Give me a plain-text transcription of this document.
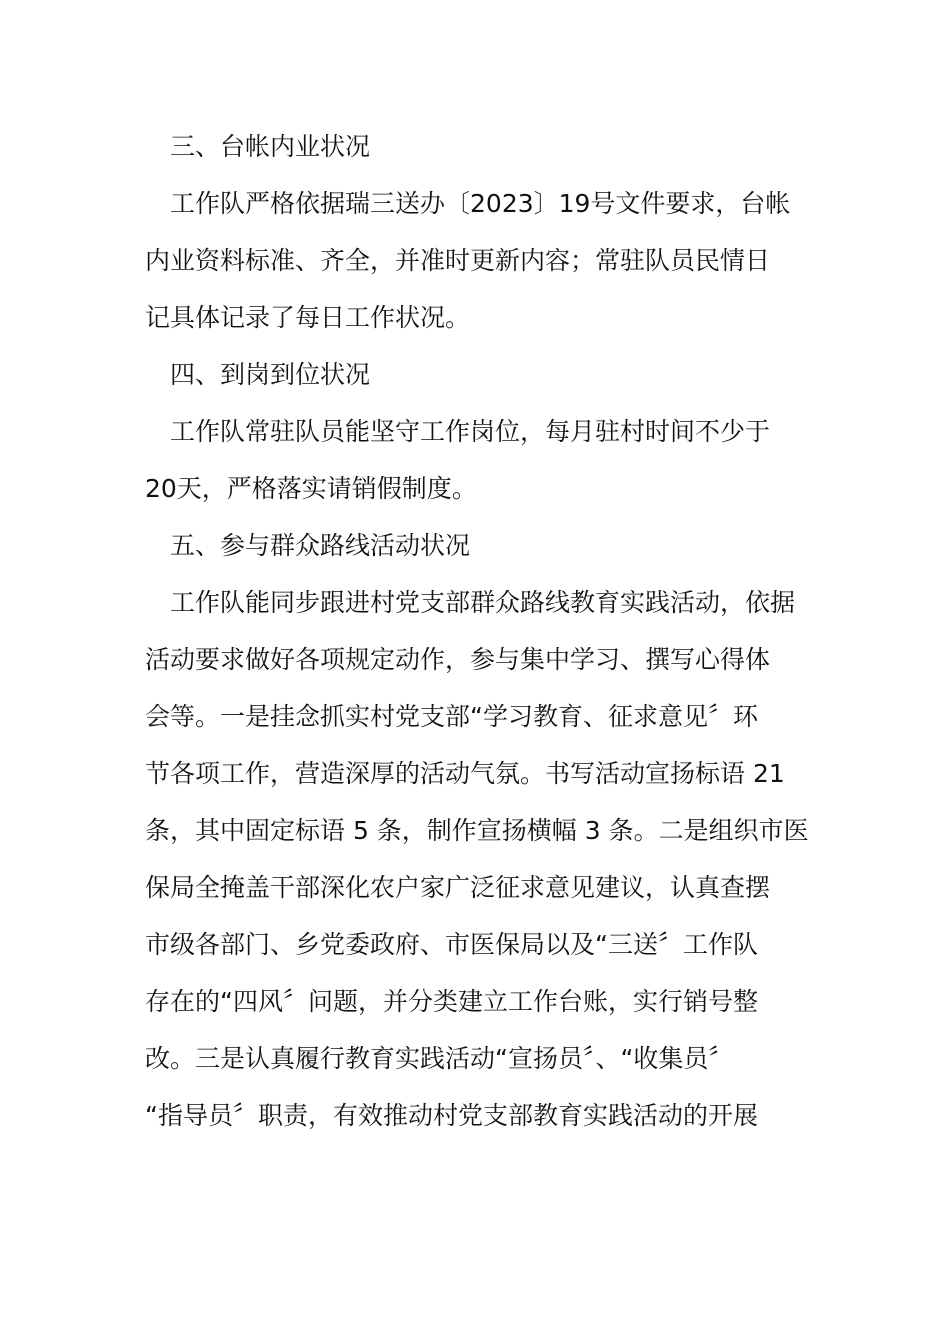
三、台帐内业状况
工作队严格依据瑞三送办〔2023〕19号文件要求，台帐
内业资料标准、齐全，并准时更新内容；常驻队员民情日
记具体记录了每日工作状况。
四、到岗到位状况
工作队常驻队员能坚守工作岗位，每月驻村时间不少于
20天，严格落实请销假制度。
五、参与群众路线活动状况
工作队能同步跟进村党支部群众路线教育实践活动，依据
活动要求做好各项规定动作，参与集中学习、撰写心得体
会等。一是挂念抓实村党支部“学习教育、征求意见〞环
节各项工作，营造深厚的活动气氛。书写活动宣扬标语 21
条，其中固定标语 5 条，制作宣扬横幅 3 条。二是组织市医
保局全掩盖干部深化农户家广泛征求意见建议，认真查摆
市级各部门、乡党委政府、市医保局以及“三送〞工作队
存在的“四风〞问题，并分类建立工作台账，实行销号整
改。三是认真履行教育实践活动“宣扬员〞、“收集员〞
“指导员〞职责，有效推动村党支部教育实践活动的开展
